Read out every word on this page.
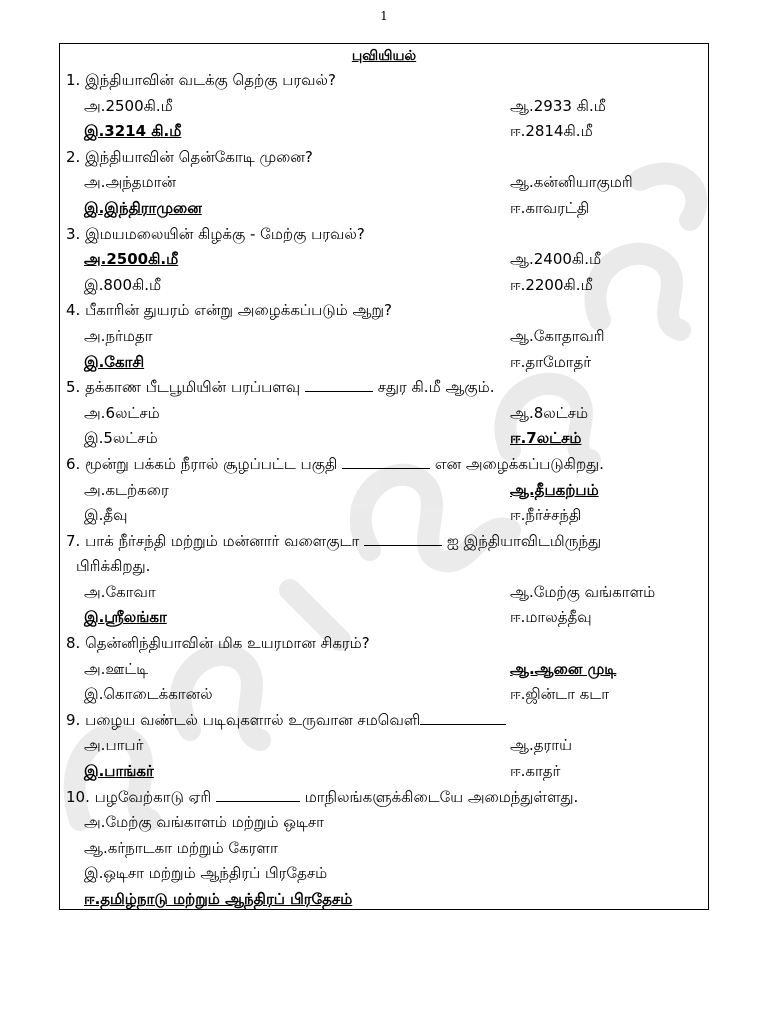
1
புவியியல்
1. இந்தியாவின் வடக்கு தெற்கு பரவல்?
அ.2500கி.மீ	ஆ.2933 கி.மீ
இ.3214 கி.மீ	ஈ.2814கி.மீ
2. இந்தியாவின் தென்கோடி முனை?
அ.அந்தமான்	ஆ.கன்னியாகுமரி
இ.இந்திராமுனை	ஈ.காவரட்தி
3. இமயமலையின் கிழக்கு - மேற்கு பரவல்?
அ.2500கி.மீ	ஆ.2400கி.மீ
இ.800கி.மீ	ஈ.2200கி.மீ
4. பீகாரின் துயரம் என்று அழைக்கப்படும் ஆறு?
அ.நர்மதா	ஆ.கோதாவரி
இ.கோசி	ஈ.தாமோதர்
5. தக்காண பீடபூமியின் பரப்பளவு	சதுர கி.மீ ஆகும்.
அ.6லட்சம்	ஆ.8லட்சம்
இ.5லட்சம்	ஈ.7லட்சம்
6. மூன்று பக்கம் நீரால் சூழப்பட்ட பகுதி	என அழைக்கப்படுகிறது.
அ.கடற்கரை	ஆ.தீபகற்பம்
இ.தீவு	ஈ.நீர்ச்சந்தி
7. பாக் நீர்சந்தி மற்றும் மன்னார் வளைகுடா	ஐ இந்தியாவிடமிருந்து
பிரிக்கிறது.
அ.கோவா	ஆ.மேற்கு வங்காளம்
இ.ஸ்ரீலங்கா	ஈ.மாலத்தீவு
8. தென்னிந்தியாவின் மிக உயரமான சிகரம்?
அ.ஊட்டி	ஆ.ஆனை முடி
இ.கொடைக்கானல்	ஈ.ஜின்டா கடா
9. பழைய வண்டல் படிவுகளால் உருவான சமவெளி
அ.பாபர்	ஆ.தராய்
இ.பாங்கர்	ஈ.காதர்
10. பழவேற்காடு ஏரி	மாநிலங்களுக்கிடையே அமைந்துள்ளது.
அ.மேற்கு வங்காளம் மற்றும் ஒடிசா
ஆ.கர்நாடகா மற்றும் கேரளா
இ.ஒடிசா மற்றும் ஆந்திரப் பிரதேசம்
ஈ.தமிழ்நாடு மற்றும் ஆந்திரப் பிரதேசம்
